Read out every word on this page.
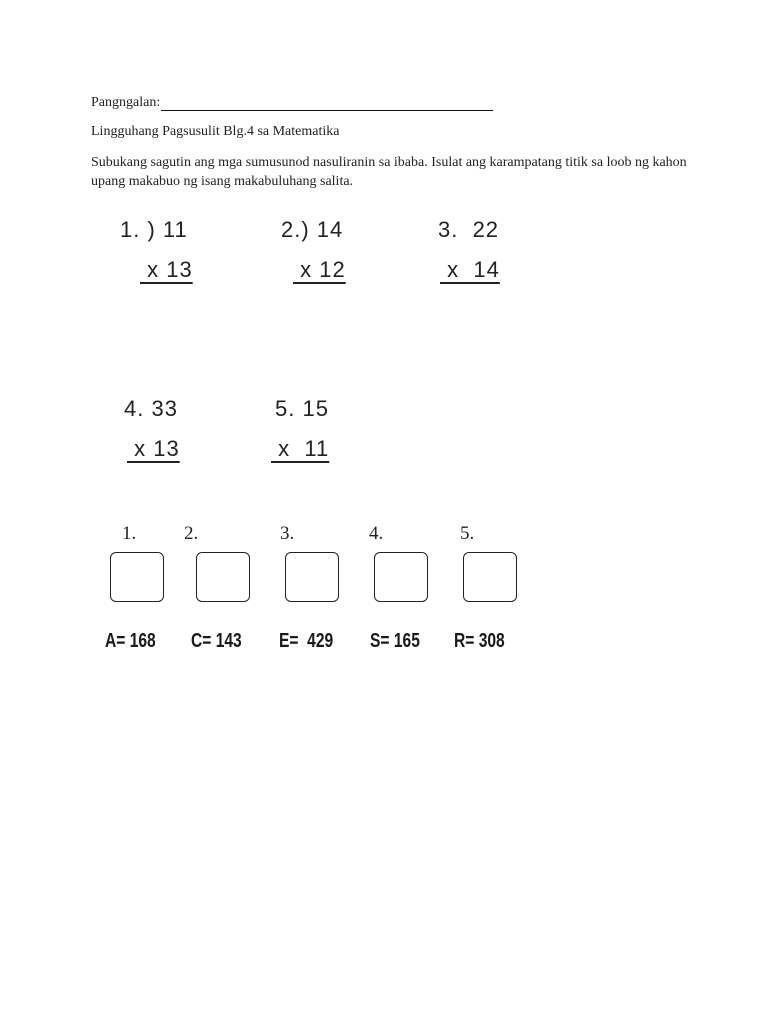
Pangngalan:
Lingguhang Pagsusulit Blg.4 sa Matematika
Subukang sagutin ang mga sumusunod nasuliranin sa ibaba. Isulat ang karampatang titik sa loob ng kahon upang makabuo ng isang makabuluhang salita.
1. ) 11
x 13
2.) 14
x 12
3.  22
x  14
4. 33
x 13
5. 15
x  11
1.	2.	3.	4.	5.
A= 168 C= 143 E=  429 S= 165 R= 308
